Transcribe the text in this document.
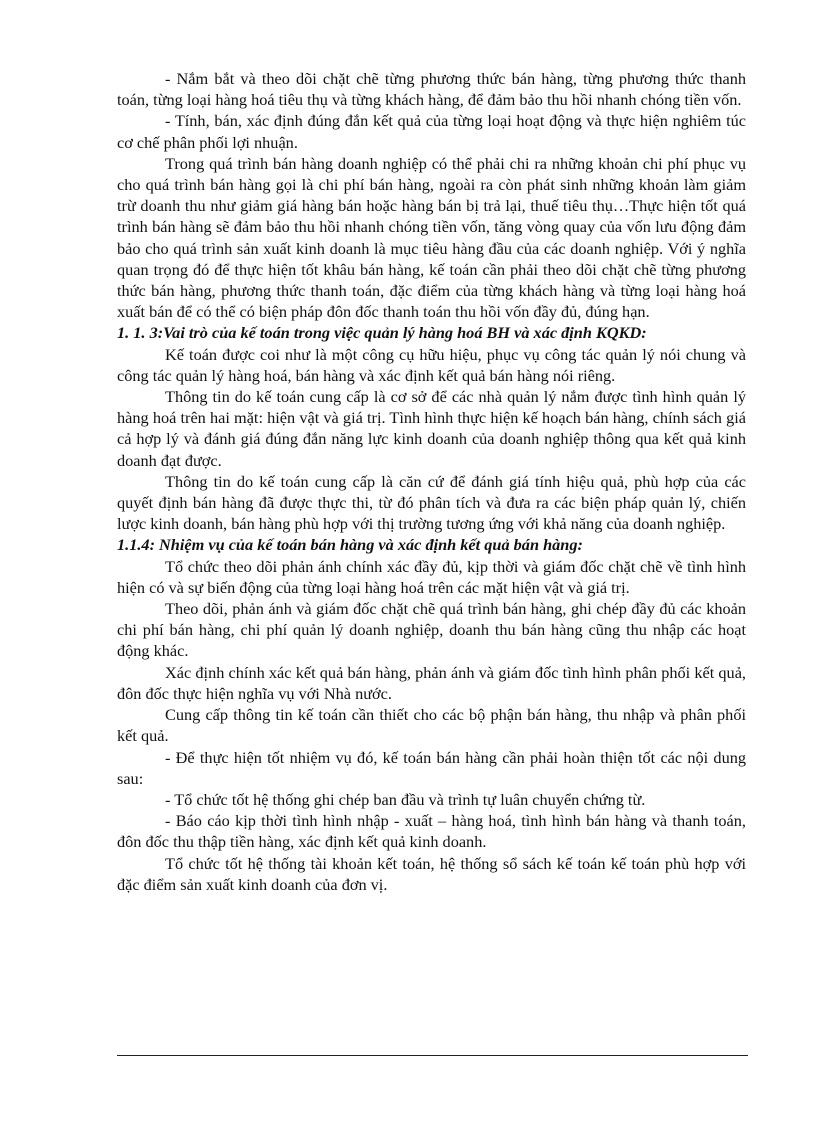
- Nắm bắt và theo dõi chặt chẽ từng phương thức bán hàng, từng phương thức thanh toán, từng loại hàng hoá tiêu thụ và từng khách hàng, để đảm bảo thu hồi nhanh chóng tiền vốn.

- Tính, bán, xác định đúng đắn kết quả của từng loại hoạt động và thực hiện nghiêm túc cơ chế phân phối lợi nhuận.

Trong quá trình bán hàng doanh nghiệp có thể phải chi ra những khoản chi phí phục vụ cho quá trình bán hàng gọi là chi phí bán hàng, ngoài ra còn phát sinh những khoản làm giảm trừ doanh thu như giảm giá hàng bán hoặc hàng bán bị trả lại, thuế tiêu thụ…Thực hiện tốt quá trình bán hàng sẽ đảm bảo thu hồi nhanh chóng tiền vốn, tăng vòng quay của vốn lưu động đảm bảo cho quá trình sản xuất kinh doanh là mục tiêu hàng đầu của các doanh nghiệp. Với ý nghĩa quan trọng đó để thực hiện tốt khâu bán hàng, kế toán cần phải theo dõi chặt chẽ từng phương thức bán hàng, phương thức thanh toán, đặc điểm của từng khách hàng và từng loại hàng hoá xuất bán để có thể có biện pháp đôn đốc thanh toán thu hồi vốn đầy đủ, đúng hạn.

1. 1. 3:Vai trò của kế toán trong việc quản lý hàng hoá BH và xác định KQKD:

Kế toán được coi như là một công cụ hữu hiệu, phục vụ công tác quản lý nói chung và công tác quản lý hàng hoá, bán hàng và xác định kết quả bán hàng nói riêng.

Thông tin do kế toán cung cấp là cơ sở để các nhà quản lý nắm được tình hình quản lý hàng hoá trên hai mặt: hiện vật và giá trị. Tình hình thực hiện kế hoạch bán hàng, chính sách giá cả hợp lý và đánh giá đúng đắn năng lực kinh doanh của doanh nghiệp thông qua kết quả kinh doanh đạt được.

Thông tin do kế toán cung cấp là căn cứ để đánh giá tính hiệu quả, phù hợp của các quyết định bán hàng đã được thực thi, từ đó phân tích và đưa ra các biện pháp quản lý, chiến lược kinh doanh, bán hàng phù hợp với thị trường tương ứng với khả năng của doanh nghiệp.

1.1.4: Nhiệm vụ của kế toán bán hàng và xác định kết quả bán hàng:

Tổ chức theo dõi phản ánh chính xác đầy đủ, kịp thời và giám đốc chặt chẽ về tình hình hiện có và sự biến động của từng loại hàng hoá trên các mặt hiện vật và giá trị.

Theo dõi, phản ánh và giám đốc chặt chẽ quá trình bán hàng, ghi chép đầy đủ các khoản chi phí bán hàng, chi phí quản lý doanh nghiệp, doanh thu bán hàng cũng thu nhập các hoạt động khác.

Xác định chính xác kết quả bán hàng, phản ánh và giám đốc tình hình phân phối kết quả, đôn đốc thực hiện nghĩa vụ với Nhà nước.

Cung cấp thông tin kế toán cần thiết cho các bộ phận bán hàng, thu nhập và phân phối kết quả.

- Để thực hiện tốt nhiệm vụ đó, kế toán bán hàng cần phải hoàn thiện tốt các nội dung sau:

- Tổ chức tốt hệ thống ghi chép ban đầu và trình tự luân chuyển chứng từ.

- Báo cáo kịp thời tình hình nhập - xuất – hàng hoá, tình hình bán hàng và thanh toán, đôn đốc thu thập tiền hàng, xác định kết quả kinh doanh.

Tổ chức tốt hệ thống tài khoản kết toán, hệ thống sổ sách kế toán kế toán phù hợp với đặc điểm sản xuất kinh doanh của đơn vị.
